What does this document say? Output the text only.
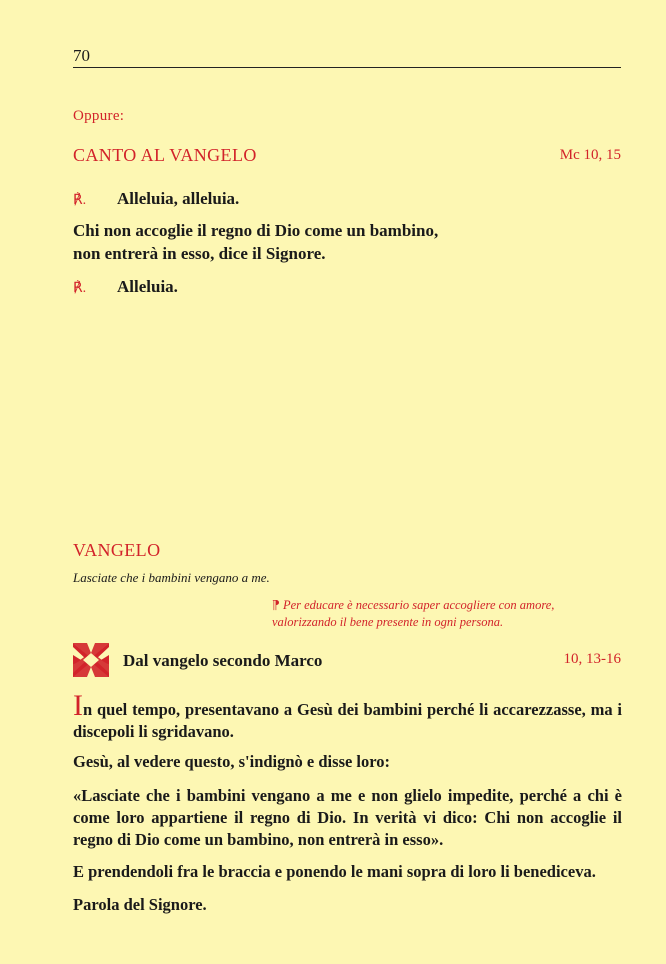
70
Oppure:
CANTO AL VANGELO	Mc 10, 15
℟. Alleluia, alleluia.
Chi non accoglie il regno di Dio come un bambino,
non entrerà in esso, dice il Signore.
℟. Alleluia.
VANGELO
Lasciate che i bambini vengano a me.
⁋ Per educare è necessario saper accogliere con amore, valorizzando il bene presente in ogni persona.
Dal vangelo secondo Marco	10, 13-16
In quel tempo, presentavano a Gesù dei bambini perché li accarezzasse, ma i discepoli li sgridavano.
Gesù, al vedere questo, s'indignò e disse loro:
«Lasciate che i bambini vengano a me e non glielo impedite, perché a chi è come loro appartiene il regno di Dio. In verità vi dico: Chi non accoglie il regno di Dio come un bambino, non entrerà in esso».
E prendendoli fra le braccia e ponendo le mani sopra di loro li benediceva.
Parola del Signore.
